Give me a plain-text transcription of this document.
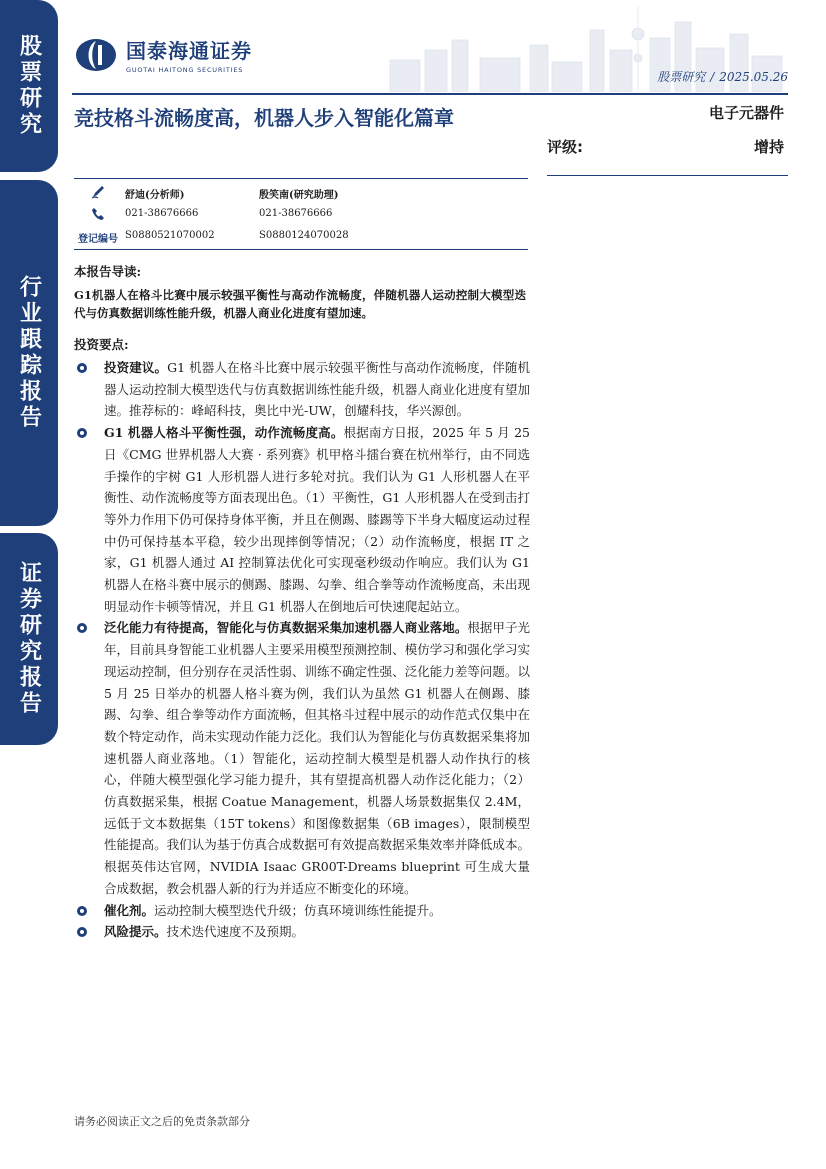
股票研究
行业跟踪报告
证券研究报告
国泰海通证券
GUOTAI HAITONG SECURITIES	股票研究 / 2025.05.26
竞技格斗流畅度高，机器人步入智能化篇章	电子元器件
评级:	增持
舒迪(分析师)	殷笑南(研究助理)
021-38676666	021-38676666
登记编号 S0880521070002	S0880124070028
本报告导读:
G1机器人在格斗比赛中展示较强平衡性与高动作流畅度，伴随机器人运动控制大模型迭代与仿真数据训练性能升级，机器人商业化进度有望加速。
投资要点:
投资建议。G1 机器人在格斗比赛中展示较强平衡性与高动作流畅度，伴随机器人运动控制大模型迭代与仿真数据训练性能升级，机器人商业化进度有望加速。推荐标的：峰岹科技，奥比中光-UW，创耀科技，华兴源创。
G1 机器人格斗平衡性强，动作流畅度高。根据南方日报，2025 年 5 月 25 日《CMG 世界机器人大赛 · 系列赛》机甲格斗擂台赛在杭州举行，由不同选手操作的宇树 G1 人形机器人进行多轮对抗。我们认为 G1 人形机器人在平衡性、动作流畅度等方面表现出色。（1）平衡性，G1 人形机器人在受到击打等外力作用下仍可保持身体平衡，并且在侧踢、膝踢等下半身大幅度运动过程中仍可保持基本平稳，较少出现摔倒等情况；（2）动作流畅度，根据 IT 之家，G1 机器人通过 AI 控制算法优化可实现毫秒级动作响应。我们认为 G1 机器人在格斗赛中展示的侧踢、膝踢、勾拳、组合拳等动作流畅度高，未出现明显动作卡顿等情况，并且 G1 机器人在倒地后可快速爬起站立。
泛化能力有待提高，智能化与仿真数据采集加速机器人商业落地。根据甲子光年，目前具身智能工业机器人主要采用模型预测控制、模仿学习和强化学习实现运动控制，但分别存在灵活性弱、训练不确定性强、泛化能力差等问题。以 5 月 25 日举办的机器人格斗赛为例，我们认为虽然 G1 机器人在侧踢、膝踢、勾拳、组合拳等动作方面流畅，但其格斗过程中展示的动作范式仅集中在数个特定动作，尚未实现动作能力泛化。我们认为智能化与仿真数据采集将加速机器人商业落地。（1）智能化，运动控制大模型是机器人动作执行的核心，伴随大模型强化学习能力提升，其有望提高机器人动作泛化能力；（2）仿真数据采集，根据 Coatue Management，机器人场景数据集仅 2.4M，远低于文本数据集（15T tokens）和图像数据集（6B images），限制模型性能提高。我们认为基于仿真合成数据可有效提高数据采集效率并降低成本。根据英伟达官网，NVIDIA Isaac GR00T-Dreams blueprint 可生成大量合成数据，教会机器人新的行为并适应不断变化的环境。
催化剂。运动控制大模型迭代升级；仿真环境训练性能提升。
风险提示。技术迭代速度不及预期。
请务必阅读正文之后的免责条款部分
